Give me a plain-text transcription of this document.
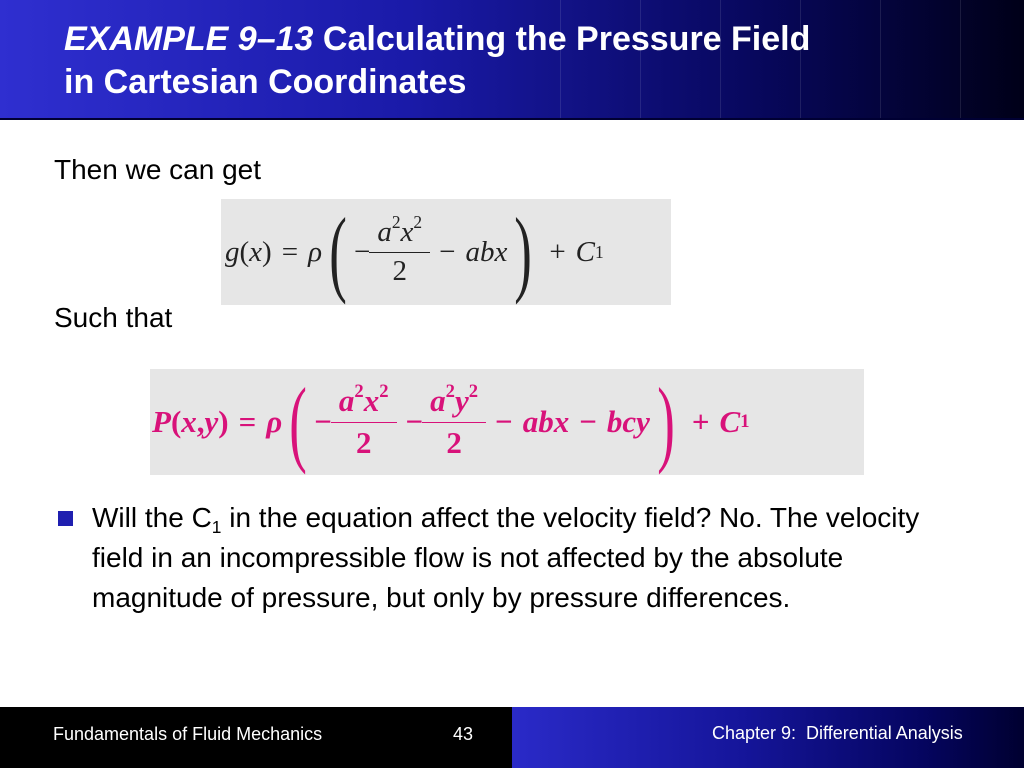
EXAMPLE 9–13 Calculating the Pressure Field
in Cartesian Coordinates

Then we can get

g ( x ) = ρ ( − $\frac{a^2x^2}{2}$ − abx ) + C 1

Such that

P ( x , y ) = ρ ( − $\frac{a^2x^2}{2} - \frac{a^2y^2}{2}$ − abx − bcy ) + C 1

Will the $C_1$ in the equation affect the velocity field? No. The velocity field in an incompressible flow is not affected by the absolute magnitude of pressure, but only by pressure differences.

Fundamentals of Fluid Mechanics	43	Chapter 9:  Differential Analysis
